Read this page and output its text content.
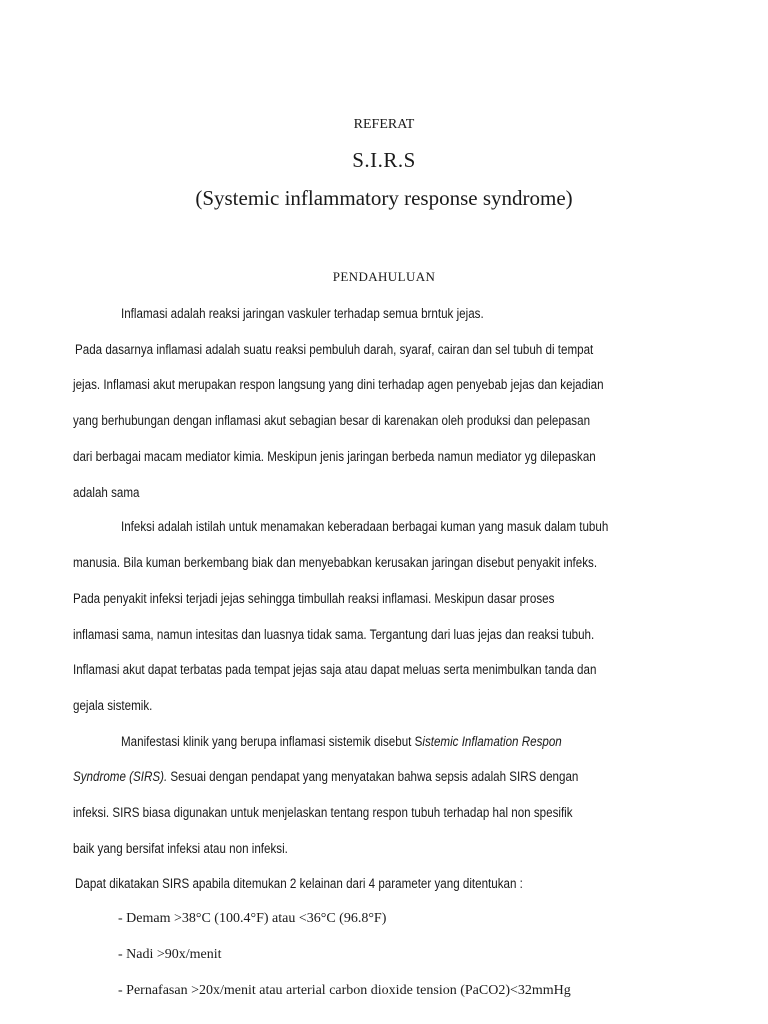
REFERAT
S.I.R.S
(Systemic inflammatory response syndrome)
PENDAHULUAN
Inflamasi adalah reaksi jaringan vaskuler terhadap semua brntuk jejas.
Pada dasarnya inflamasi adalah suatu reaksi pembuluh darah, syaraf, cairan dan sel tubuh di tempat
jejas. Inflamasi akut merupakan respon langsung yang dini terhadap agen penyebab jejas dan kejadian
yang berhubungan dengan inflamasi akut sebagian besar di karenakan oleh produksi dan pelepasan
dari berbagai macam mediator kimia. Meskipun jenis jaringan berbeda namun mediator yg dilepaskan
adalah sama
Infeksi adalah istilah untuk menamakan keberadaan berbagai kuman yang masuk dalam tubuh
manusia. Bila kuman berkembang biak dan menyebabkan kerusakan jaringan disebut penyakit infeks.
Pada penyakit infeksi terjadi jejas sehingga timbullah reaksi inflamasi. Meskipun dasar proses
inflamasi sama, namun intesitas dan luasnya tidak sama. Tergantung dari luas jejas dan reaksi tubuh.
Inflamasi akut dapat terbatas pada tempat jejas saja atau dapat meluas serta menimbulkan tanda dan
gejala sistemik.
Manifestasi klinik yang berupa inflamasi sistemik disebut Sistemic Inflamation Respon
Syndrome (SIRS). Sesuai dengan pendapat yang menyatakan bahwa sepsis adalah SIRS dengan
infeksi. SIRS biasa digunakan untuk menjelaskan tentang respon tubuh terhadap hal non spesifik
baik yang bersifat infeksi atau non infeksi.
Dapat dikatakan SIRS apabila ditemukan 2 kelainan dari 4 parameter yang ditentukan :
- Demam >38°C (100.4°F) atau <36°C (96.8°F)
- Nadi >90x/menit
- Pernafasan >20x/menit atau arterial carbon dioxide tension (PaCO2)<32mmHg
